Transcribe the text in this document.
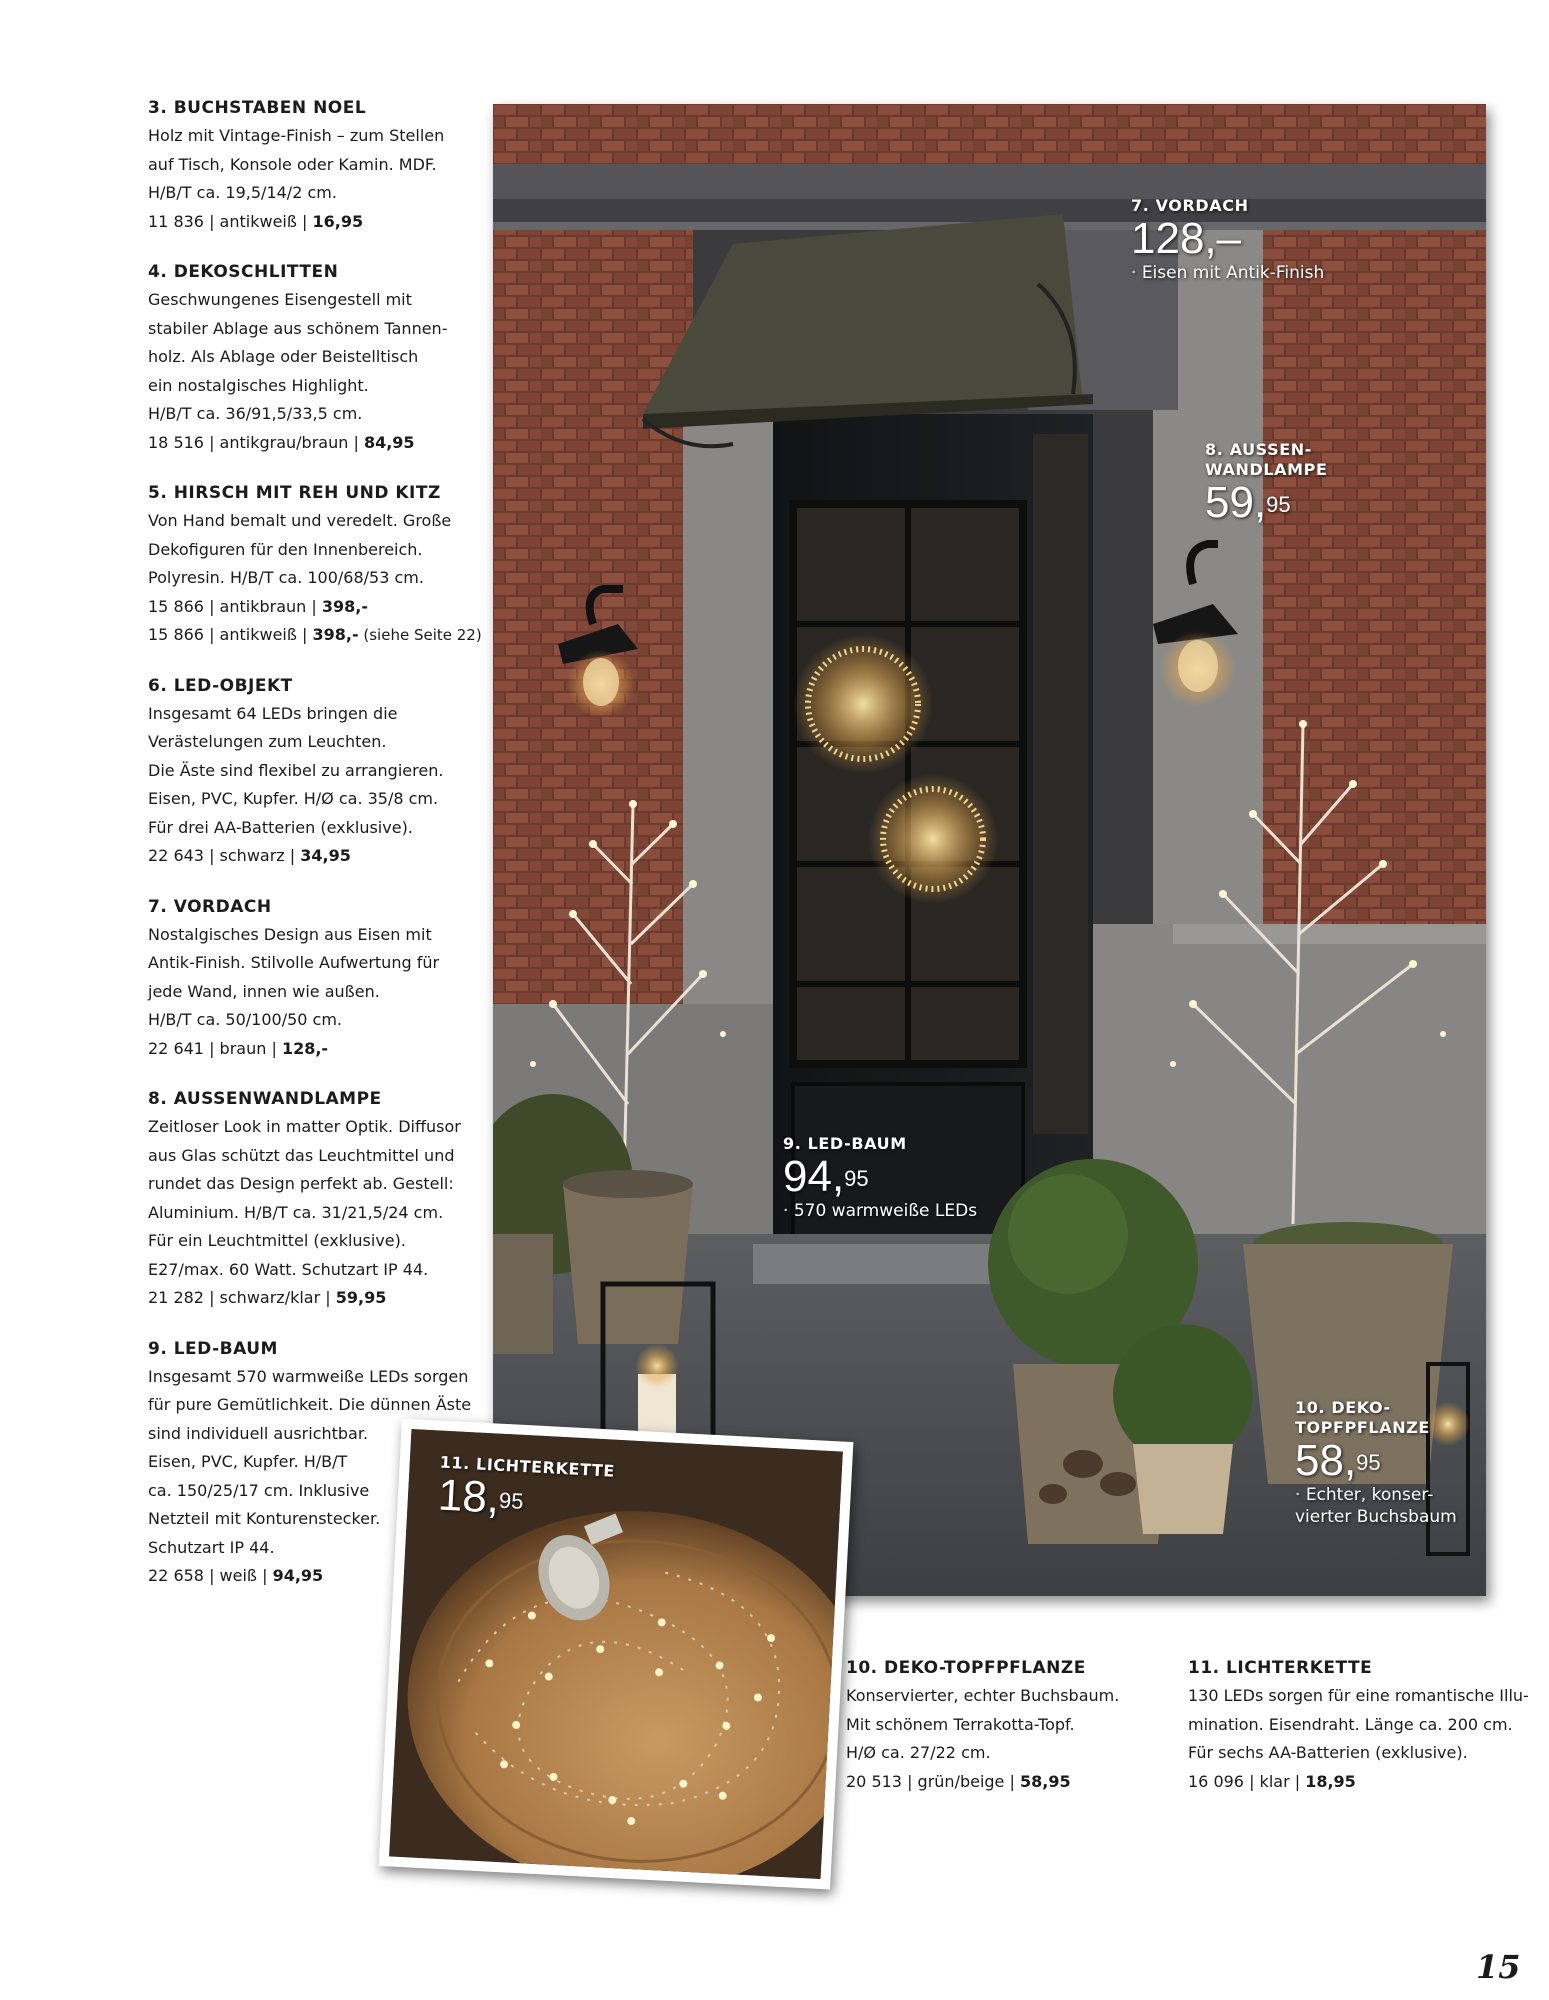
3. BUCHSTABEN NOEL
Holz mit Vintage-Finish – zum Stellen
auf Tisch, Konsole oder Kamin. MDF.
H/B/T ca. 19,5/14/2 cm.
11 836 | antikweiß | 16,95
4. DEKOSCHLITTEN
Geschwungenes Eisengestell mit
stabiler Ablage aus schönem Tannen-
holz. Als Ablage oder Beistelltisch
ein nostalgisches Highlight.
H/B/T ca. 36/91,5/33,5 cm.
18 516 | antikgrau/braun | 84,95
5. HIRSCH MIT REH UND KITZ
Von Hand bemalt und veredelt. Große
Dekofiguren für den Innenbereich.
Polyresin. H/B/T ca. 100/68/53 cm.
15 866 | antikbraun | 398,-
15 866 | antikweiß | 398,- (siehe Seite 22)
6. LED-OBJEKT
Insgesamt 64 LEDs bringen die
Verästelungen zum Leuchten.
Die Äste sind flexibel zu arrangieren.
Eisen, PVC, Kupfer. H/Ø ca. 35/8 cm.
Für drei AA-Batterien (exklusive).
22 643 | schwarz | 34,95
7. VORDACH
Nostalgisches Design aus Eisen mit
Antik-Finish. Stilvolle Aufwertung für
jede Wand, innen wie außen.
H/B/T ca. 50/100/50 cm.
22 641 | braun | 128,-
8. AUSSENWANDLAMPE
Zeitloser Look in matter Optik. Diffusor
aus Glas schützt das Leuchtmittel und
rundet das Design perfekt ab. Gestell:
Aluminium. H/B/T ca. 31/21,5/24 cm.
Für ein Leuchtmittel (exklusive).
E27/max. 60 Watt. Schutzart IP 44.
21 282 | schwarz/klar | 59,95
9. LED-BAUM
Insgesamt 570 warmweiße LEDs sorgen
für pure Gemütlichkeit. Die dünnen Äste
sind individuell ausrichtbar.
Eisen, PVC, Kupfer. H/B/T
ca. 150/25/17 cm. Inklusive
Netzteil mit Konturenstecker.
Schutzart IP 44.
22 658 | weiß | 94,95
7. VORDACH
128,–
· Eisen mit Antik-Finish
8. AUSSEN-
WANDLAMPE
59,95
9. LED-BAUM
94,95
· 570 warmweiße LEDs
10. DEKO-
TOPFPFLANZE
58,95
· Echter, konser-
vierter Buchsbaum
11. LICHTERKETTE
18,95
10. DEKO-TOPFPFLANZE
Konservierter, echter Buchsbaum.
Mit schönem Terrakotta-Topf.
H/Ø ca. 27/22 cm.
20 513 | grün/beige | 58,95
11. LICHTERKETTE
130 LEDs sorgen für eine romantische Illu-
mination. Eisendraht. Länge ca. 200 cm.
Für sechs AA-Batterien (exklusive).
16 096 | klar | 18,95
15
